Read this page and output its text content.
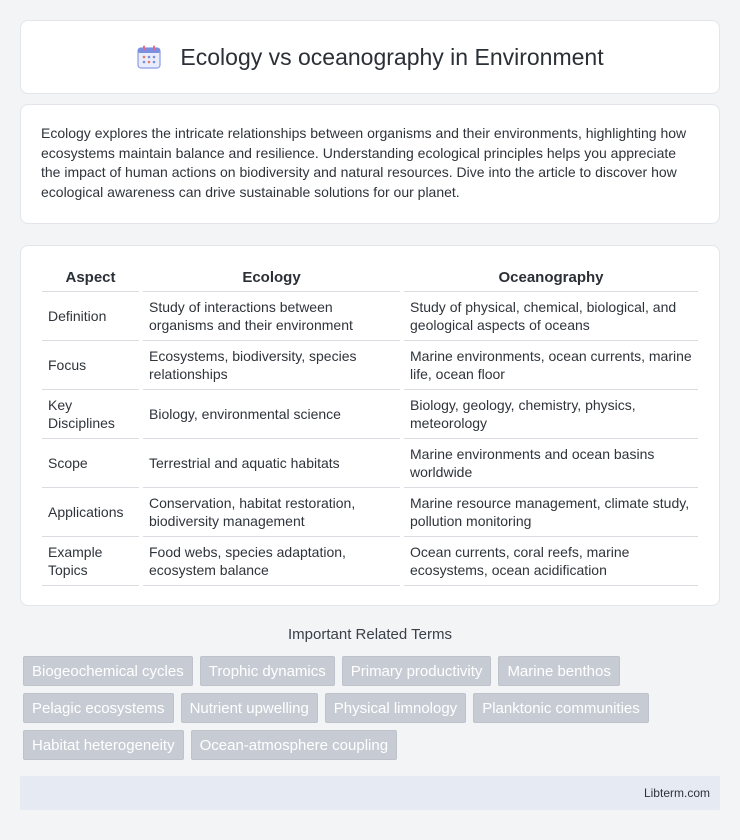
Ecology vs oceanography in Environment

Ecology explores the intricate relationships between organisms and their environments, highlighting how ecosystems maintain balance and resilience. Understanding ecological principles helps you appreciate the impact of human actions on biodiversity and natural resources. Dive into the article to discover how ecological awareness can drive sustainable solutions for our planet.

Aspect	Ecology	Oceanography
Definition	Study of interactions between organisms and their environment	Study of physical, chemical, biological, and geological aspects of oceans
Focus	Ecosystems, biodiversity, species relationships	Marine environments, ocean currents, marine life, ocean floor
Key Disciplines	Biology, environmental science	Biology, geology, chemistry, physics, meteorology
Scope	Terrestrial and aquatic habitats	Marine environments and ocean basins worldwide
Applications	Conservation, habitat restoration, biodiversity management	Marine resource management, climate study, pollution monitoring
Example Topics	Food webs, species adaptation, ecosystem balance	Ocean currents, coral reefs, marine ecosystems, ocean acidification
Important Related Terms
Biogeochemical cycles	Trophic dynamics	Primary productivity	Marine benthos
Pelagic ecosystems	Nutrient upwelling	Physical limnology	Planktonic communities
Habitat heterogeneity	Ocean-atmosphere coupling
Libterm.com
